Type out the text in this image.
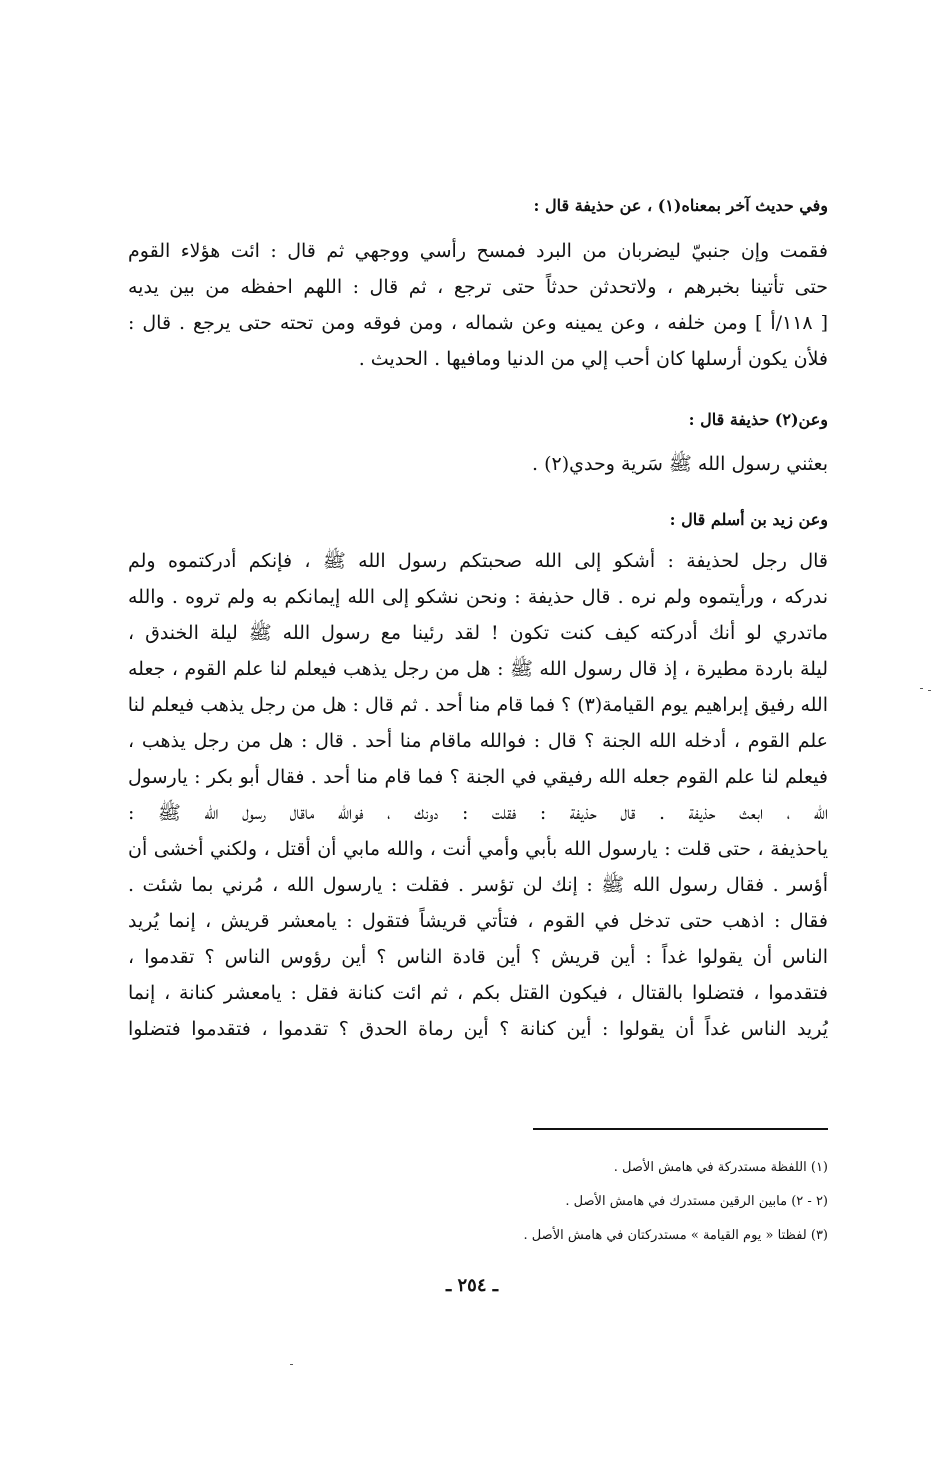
وفي حديث آخر بمعناه(١) ، عن حذيفة قال :
فقمت وإن جنبيّ ليضربان من البرد فمسح رأسي ووجهي ثم قال : ائت هؤلاء القوم
حتى تأتينا بخبرهم ، ولاتحدثن حدثاً حتى ترجع ، ثم قال : اللهم احفظه من بين يديه
[ ١١٨/أ ] ومن خلفه ، وعن يمينه وعن شماله ، ومن فوقه ومن تحته حتى يرجع . قال :
فلأن يكون أرسلها كان أحب إلي من الدنيا ومافيها . الحديث .
وعن(٢) حذيفة قال :
بعثني رسول الله ﷺ سَرية وحدي(٢) .
وعن زيد بن أسلم قال :
قال رجل لحذيفة : أشكو إلى الله صحبتكم رسول الله ﷺ ، فإنكم أدركتموه ولم
ندركه ، ورأيتموه ولم نره . قال حذيفة : ونحن نشكو إلى الله إيمانكم به ولم تروه . والله
ماتدري لو أنك أدركته كيف كنت تكون ! لقد رئينا مع رسول الله ﷺ ليلة الخندق ،
ليلة باردة مطيرة ، إذ قال رسول الله ﷺ : هل من رجل يذهب فيعلم لنا علم القوم ، جعله
الله رفيق إبراهيم يوم القيامة(٣) ؟ فما قام منا أحد . ثم قال : هل من رجل يذهب فيعلم لنا
علم القوم ، أدخله الله الجنة ؟ قال : فوالله ماقام منا أحد . قال : هل من رجل يذهب ،
فيعلم لنا علم القوم جعله الله رفيقي في الجنة ؟ فما قام منا أحد . فقال أبو بكر : يارسول
الله ، ابعث حذيفة . قال حذيفة : فقلت : دونك ، فوالله ماقال رسول الله ﷺ :
ياحذيفة ، حتى قلت : يارسول الله بأبي وأمي أنت ، والله مابي أن أقتل ، ولكني أخشى أن
أؤسر . فقال رسول الله ﷺ : إنك لن تؤسر . فقلت : يارسول الله ، مُرني بما شئت .
فقال : اذهب حتى تدخل في القوم ، فتأتي قريشاً فتقول : يامعشر قريش ، إنما يُريد
الناس أن يقولوا غداً : أين قريش ؟ أين قادة الناس ؟ أين رؤوس الناس ؟ تقدموا ،
فتقدموا ، فتضلوا بالقتال ، فيكون القتل بكم ، ثم ائت كنانة فقل : يامعشر كنانة ، إنما
يُريد الناس غداً أن يقولوا : أين كنانة ؟ أين رماة الحدق ؟ تقدموا ، فتقدموا فتضلوا
(١) اللفظة مستدركة في هامش الأصل .
(٢ - ٢) مابين الرقين مستدرك في هامش الأصل .
(٣) لفظتا « يوم القيامة » مستدركتان في هامش الأصل .
ـ ٢٥٤ ـ
